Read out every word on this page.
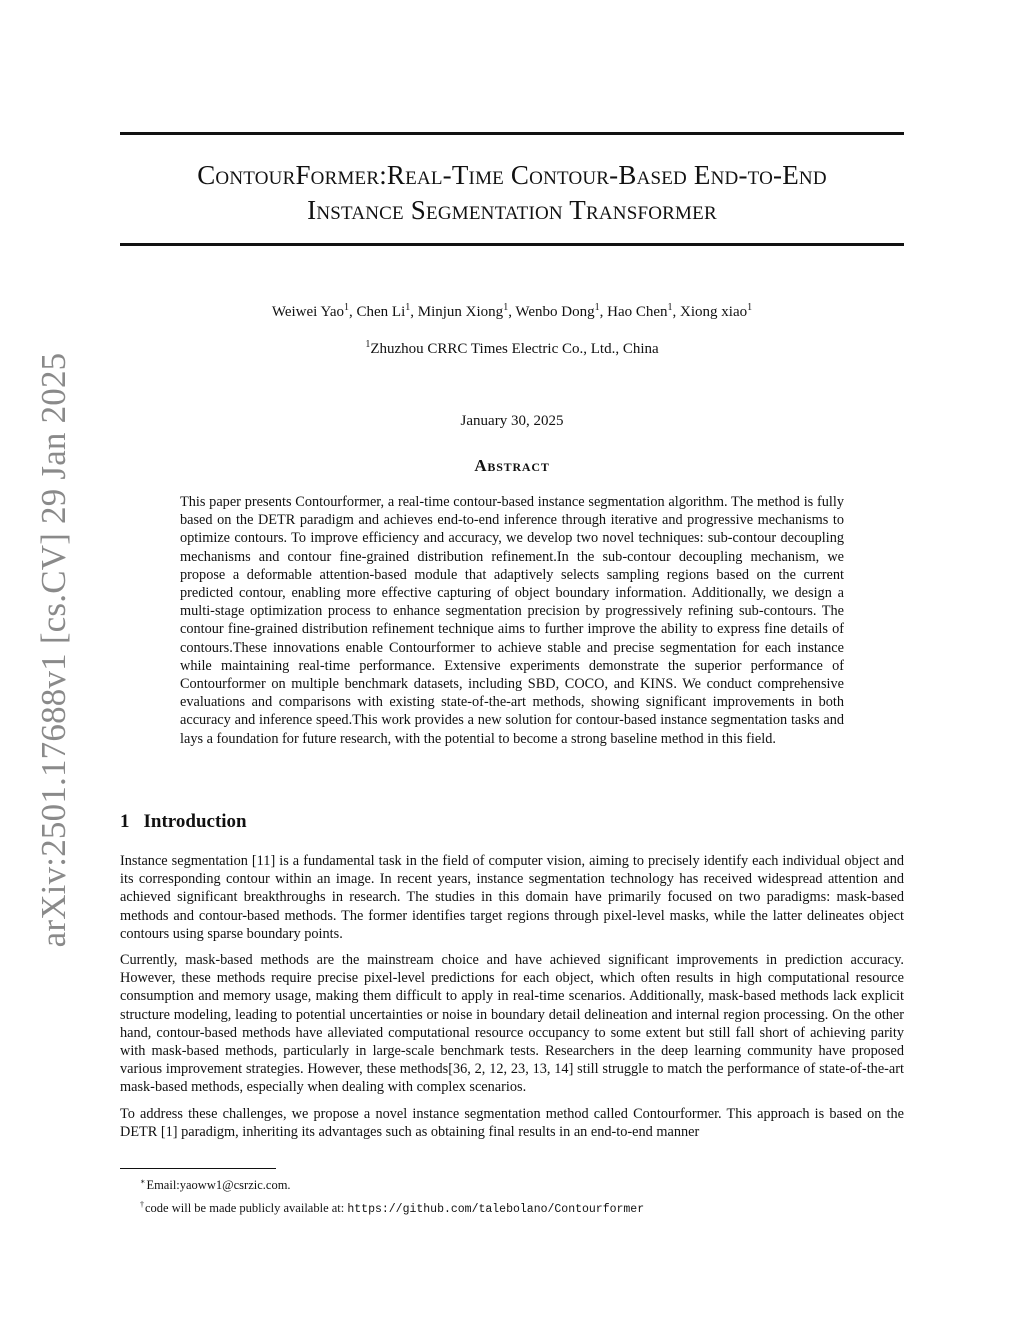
arXiv:2501.17688v1 [cs.CV] 29 Jan 2025
ContourFormer:Real-Time Contour-Based End-to-End
Instance Segmentation Transformer
Weiwei Yao$^1$, Chen Li$^1$, Minjun Xiong$^1$, Wenbo Dong$^1$, Hao Chen$^1$, Xiong xiao$^1$
$^1$Zhuzhou CRRC Times Electric Co., Ltd., China
January 30, 2025
Abstract

This paper presents Contourformer, a real-time contour-based instance segmentation algorithm. The method is fully based on the DETR paradigm and achieves end-to-end inference through iterative and progressive mechanisms to optimize contours. To improve efficiency and accuracy, we develop two novel techniques: sub-contour decoupling mechanisms and contour fine-grained distribution refinement.In the sub-contour decoupling mechanism, we propose a deformable attention-based module that adaptively selects sampling regions based on the current predicted contour, enabling more effective capturing of object boundary information. Additionally, we design a multi-stage optimization process to enhance segmentation precision by progressively refining sub-contours. The contour fine-grained distribution refinement technique aims to further improve the ability to express fine details of contours.These innovations enable Contourformer to achieve stable and precise segmentation for each instance while maintaining real-time performance. Extensive experiments demonstrate the superior performance of Contourformer on multiple benchmark datasets, including SBD, COCO, and KINS. We conduct comprehensive evaluations and comparisons with existing state-of-the-art methods, showing significant improvements in both accuracy and inference speed.This work provides a new solution for contour-based instance segmentation tasks and lays a foundation for future research, with the potential to become a strong baseline method in this field.

1 Introduction

Instance segmentation [11] is a fundamental task in the field of computer vision, aiming to precisely identify each individual object and its corresponding contour within an image. In recent years, instance segmentation technology has received widespread attention and achieved significant breakthroughs in research. The studies in this domain have primarily focused on two paradigms: mask-based methods and contour-based methods. The former identifies target regions through pixel-level masks, while the latter delineates object contours using sparse boundary points.

Currently, mask-based methods are the mainstream choice and have achieved significant improvements in prediction accuracy. However, these methods require precise pixel-level predictions for each object, which often results in high computational resource consumption and memory usage, making them difficult to apply in real-time scenarios. Additionally, mask-based methods lack explicit structure modeling, leading to potential uncertainties or noise in boundary detail delineation and internal region processing. On the other hand, contour-based methods have alleviated computational resource occupancy to some extent but still fall short of achieving parity with mask-based methods, particularly in large-scale benchmark tests. Researchers in the deep learning community have proposed various improvement strategies. However, these methods[36, 2, 12, 23, 13, 14] still struggle to match the performance of state-of-the-art mask-based methods, especially when dealing with complex scenarios.

To address these challenges, we propose a novel instance segmentation method called Contourformer. This approach is based on the DETR [1] paradigm, inheriting its advantages such as obtaining final results in an end-to-end manner

∗Email:yaoww1@csrzic.com.
†code will be made publicly available at: https://github.com/talebolano/Contourformer
